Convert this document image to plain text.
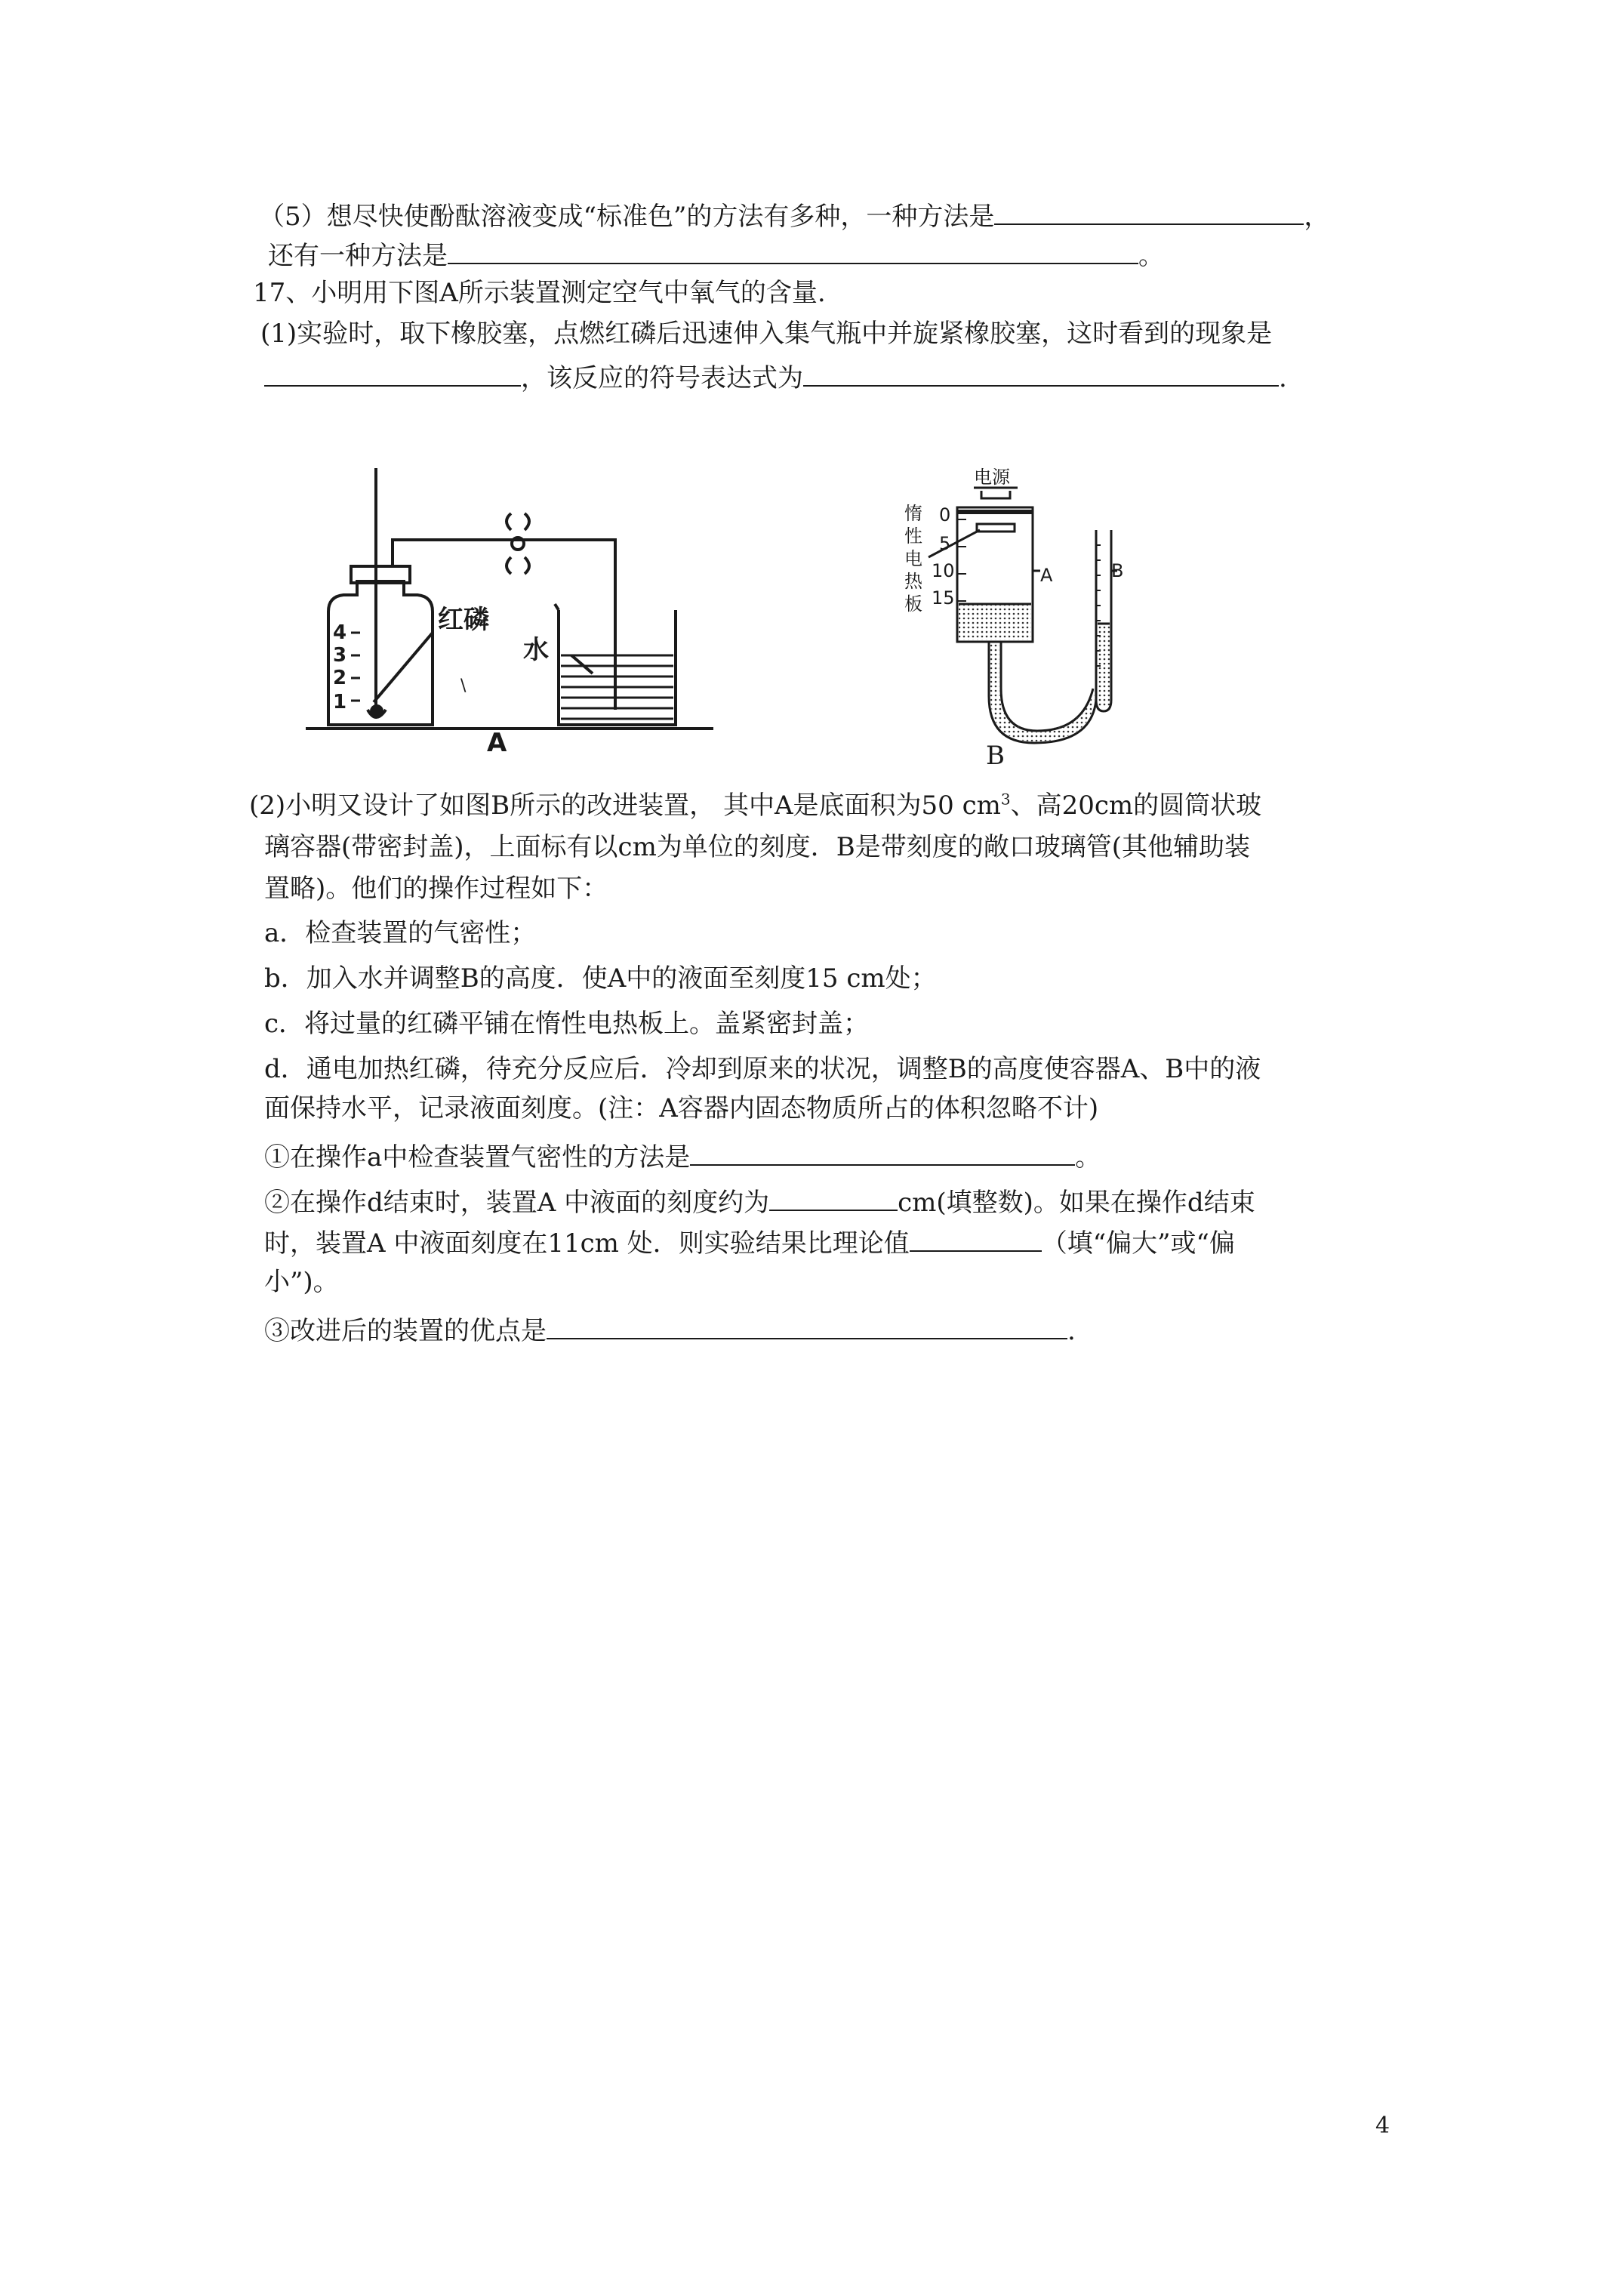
（5）想尽快使酚酞溶液变成“标准色”的方法有多种，一种方法是	，
还有一种方法是	。
17、小明用下图A所示装置测定空气中氧气的含量.
(1)实验时，取下橡胶塞，点燃红磷后迅速伸入集气瓶中并旋紧橡胶塞，这时看到的现象是
，该反应的符号表达式为	.
4
3
2
1
红磷
水
A
\
电源
惰
性
电
热
板
0
5
10
15
A	B
B
(2)小明又设计了如图B所示的改进装置， 其中A是底面积为50 $cm^3$、高20cm的圆筒状玻
璃容器(带密封盖)，上面标有以cm为单位的刻度．B是带刻度的敞口玻璃管(其他辅助装
置略)。他们的操作过程如下：
a．检查装置的气密性；
b．加入水并调整B的高度．使A中的液面至刻度15 cm处；
c．将过量的红磷平铺在惰性电热板上。盖紧密封盖；
d．通电加热红磷，待充分反应后．冷却到原来的状况，调整B的高度使容器A、B中的液
面保持水平，记录液面刻度。(注：A容器内固态物质所占的体积忽略不计)
①在操作a中检查装置气密性的方法是	。
②在操作d结束时，装置A 中液面的刻度约为	cm(填整数)。如果在操作d结束
时，装置A 中液面刻度在11cm 处．则实验结果比理论值	（填“偏大”或“偏
小”)。
③改进后的装置的优点是	.
4
